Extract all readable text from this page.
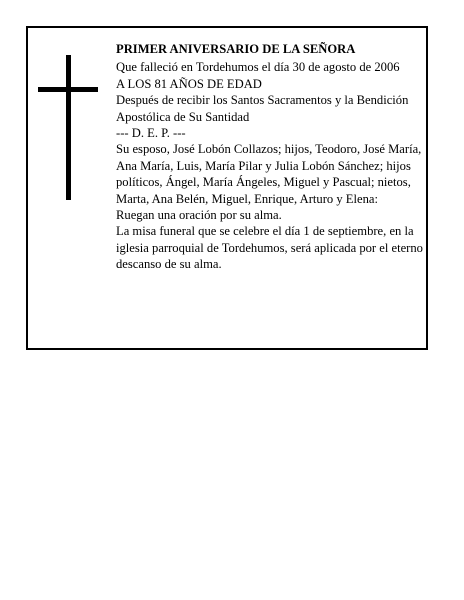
PRIMER ANIVERSARIO DE LA SEÑORA

Que falleció en Tordehumos el día 30 de agosto de 2006

A LOS 81 AÑOS DE EDAD

Después de recibir los Santos Sacramentos y la Bendición Apostólica de Su Santidad

--- D. E. P. ---

Su esposo, José Lobón Collazos; hijos, Teodoro, José María, Ana María, Luis, María Pilar y Julia Lobón Sánchez; hijos políticos, Ángel, María Ángeles, Miguel y Pascual; nietos, Marta, Ana Belén, Miguel, Enrique, Arturo y Elena:

Ruegan una oración por su alma.

La misa funeral que se celebre el día 1 de septiembre, en la iglesia parroquial de Tordehumos, será aplicada por el eterno descanso de su alma.
